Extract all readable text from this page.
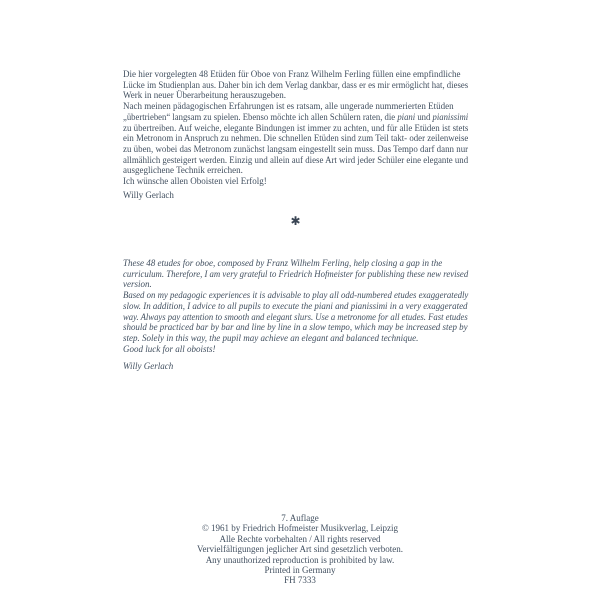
Die hier vorgelegten 48 Etüden für Oboe von Franz Wilhelm Ferling füllen eine empfindliche
Lücke im Studienplan aus. Daher bin ich dem Verlag dankbar, dass er es mir ermöglicht hat, dieses
Werk in neuer Überarbeitung herauszugeben.
Nach meinen pädagogischen Erfahrungen ist es ratsam, alle ungerade nummerierten Etüden
„übertrieben“ langsam zu spielen. Ebenso möchte ich allen Schülern raten, die piani und pianissimi
zu übertreiben. Auf weiche, elegante Bindungen ist immer zu achten, und für alle Etüden ist stets
ein Metronom in Anspruch zu nehmen. Die schnellen Etüden sind zum Teil takt- oder zeilenweise
zu üben, wobei das Metronom zunächst langsam eingestellt sein muss. Das Tempo darf dann nur
allmählich gesteigert werden. Einzig und allein auf diese Art wird jeder Schüler eine elegante und
ausgeglichene Technik erreichen.
Ich wünsche allen Oboisten viel Erfolg!
Willy Gerlach
✱
These 48 etudes for oboe, composed by Franz Wilhelm Ferling, help closing a gap in the
curriculum. Therefore, I am very grateful to Friedrich Hofmeister for publishing these new revised
version.
Based on my pedagogic experiences it is advisable to play all odd-numbered etudes exaggeratedly
slow. In addition, I advice to all pupils to execute the piani and pianissimi in a very exaggerated
way. Always pay attention to smooth and elegant slurs. Use a metronome for all etudes. Fast etudes
should be practiced bar by bar and line by line in a slow tempo, which may be increased step by
step. Solely in this way, the pupil may achieve an elegant and balanced technique.
Good luck for all oboists!
Willy Gerlach
7. Auflage
© 1961 by Friedrich Hofmeister Musikverlag, Leipzig
Alle Rechte vorbehalten / All rights reserved
Vervielfältigungen jeglicher Art sind gesetzlich verboten.
Any unauthorized reproduction is prohibited by law.
Printed in Germany
FH 7333
